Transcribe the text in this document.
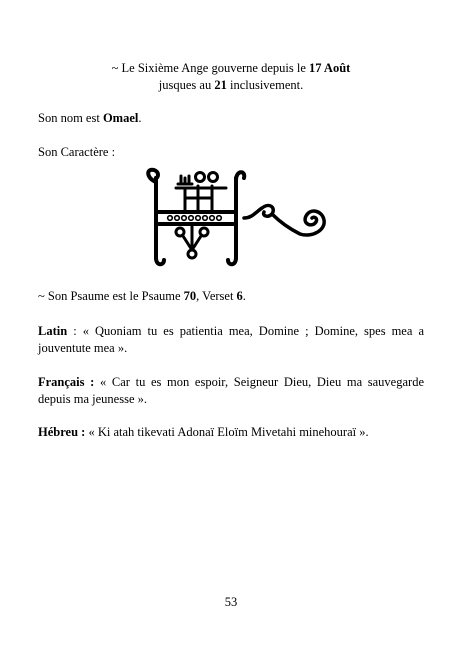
~ Le Sixième Ange gouverne depuis le 17 Août
jusques au 21 inclusivement.
Son nom est Omael.
Son Caractère :
~ Son Psaume est le Psaume 70, Verset 6.
Latin : « Quoniam tu es patientia mea, Domine ; Domine, spes mea a jouventute mea ».
Français : « Car tu es mon espoir, Seigneur Dieu, Dieu ma sauvegarde depuis ma jeunesse ».
Hébreu : « Ki atah tikevati Adonaï Eloïm Mivetahi minehouraï ».
53
